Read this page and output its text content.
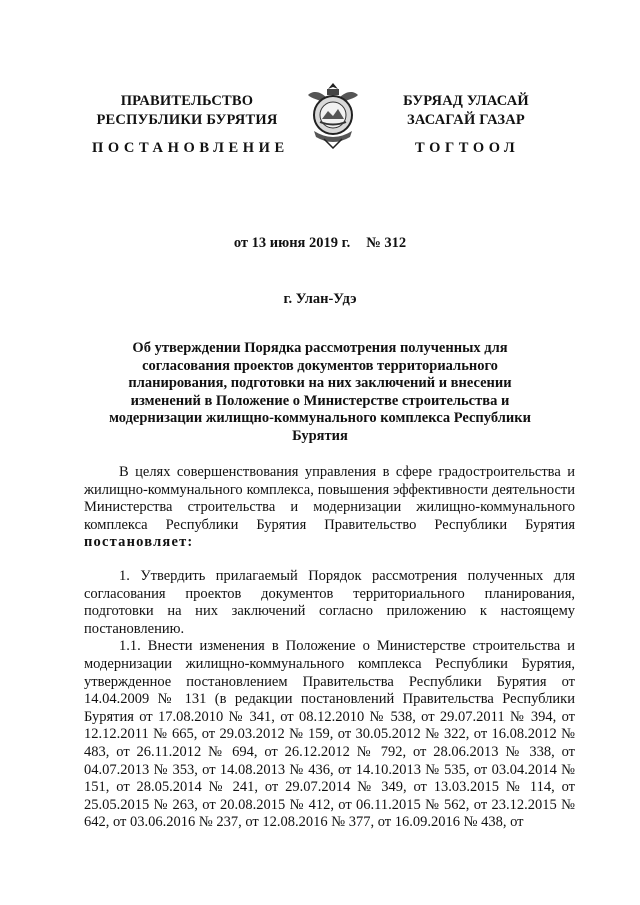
ПРАВИТЕЛЬСТВО
РЕСПУБЛИКИ БУРЯТИЯ
БУРЯАД УЛАСАЙ
ЗАСАГАЙ ГАЗАР
ПОСТАНОВЛЕНИЕ	ТОГТООЛ
от 13 июня 2019 г. № 312
г. Улан-Удэ
Об утверждении Порядка рассмотрения полученных для согласования проектов документов территориального планирования, подготовки на них заключений и внесении изменений в Положение о Министерстве строительства и модернизации жилищно-коммунального комплекса Республики Бурятия

В целях совершенствования управления в сфере градостроительства и жилищно-коммунального комплекса, повышения эффективности деятельности Министерства строительства и модернизации жилищно-коммунального комплекса Республики Бурятия Правительство Республики Бурятия постановляет:

1. Утвердить прилагаемый Порядок рассмотрения полученных для согласования проектов документов территориального планирования, подготовки на них заключений согласно приложению к настоящему постановлению.

1.1. Внести изменения в Положение о Министерстве строительства и модернизации жилищно-коммунального комплекса Республики Бурятия, утвержденное постановлением Правительства Республики Бурятия от 14.04.2009 № 131 (в редакции постановлений Правительства Республики Бурятия от 17.08.2010 № 341, от 08.12.2010 № 538, от 29.07.2011 № 394, от 12.12.2011 № 665, от 29.03.2012 № 159, от 30.05.2012 № 322, от 16.08.2012 № 483, от 26.11.2012 № 694, от 26.12.2012 № 792, от 28.06.2013 № 338, от 04.07.2013 № 353, от 14.08.2013 № 436, от 14.10.2013 № 535, от 03.04.2014 № 151, от 28.05.2014 № 241, от 29.07.2014 № 349, от 13.03.2015 № 114, от 25.05.2015 № 263, от 20.08.2015 № 412, от 06.11.2015 № 562, от 23.12.2015 № 642, от 03.06.2016 № 237, от 12.08.2016 № 377, от 16.09.2016 № 438, от
